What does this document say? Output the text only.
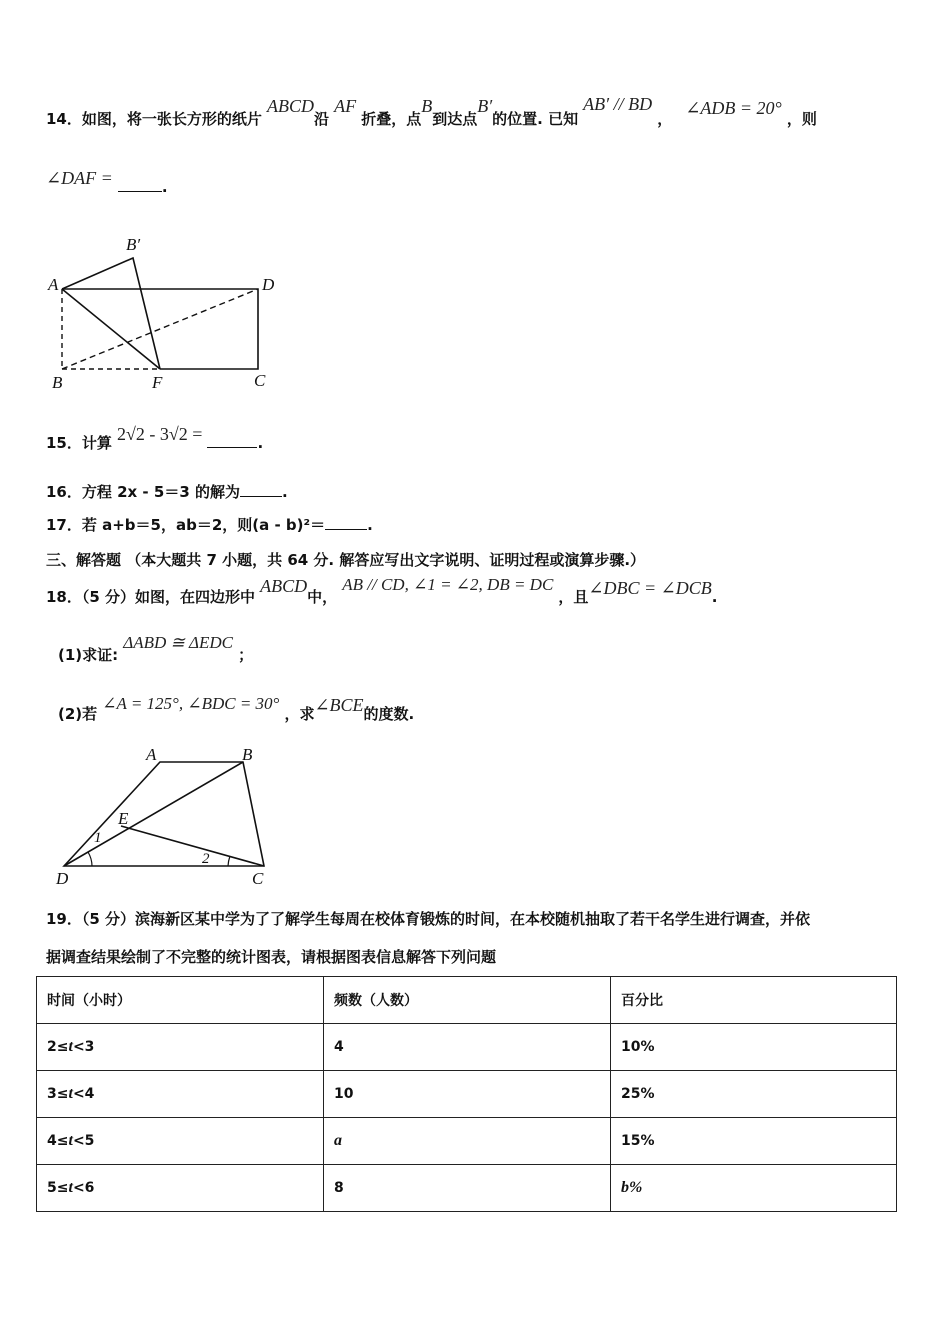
14．如图，将一张长方形的纸片 ABCD沿 AF 折叠，点B到达点B′的位置. 已知 AB′ // BD ， ∠ADB = 20° ，则
∠DAF =	.
B′
A	D
B	F	C
15．计算 2√2 - 3√2 =	.
16．方程 2x - 5＝3 的解为	.
17．若 a+b＝5，ab＝2，则(a - b)²＝	.
三、解答题 （本大题共 7 小题，共 64 分. 解答应写出文字说明、证明过程或演算步骤.）
18．（5 分）如图，在四边形中 ABCD中， AB // CD, ∠1 = ∠2, DB = DC ，且∠DBC = ∠DCB.
(1)求证: ΔABD ≅ ΔEDC ；
(2)若 ∠A = 125°, ∠BDC = 30° ，求∠BCE的度数.
A	B
E
1
2
D	C
19．（5 分）滨海新区某中学为了了解学生每周在校体育锻炼的时间，在本校随机抽取了若干名学生进行调查，并依
据调查结果绘制了不完整的统计图表，请根据图表信息解答下列问题
时间（小时）	频数（人数）	百分比
2≤t<3	4	10%
3≤t<4	10	25%
4≤t<5	a	15%
5≤t<6	8	b%
